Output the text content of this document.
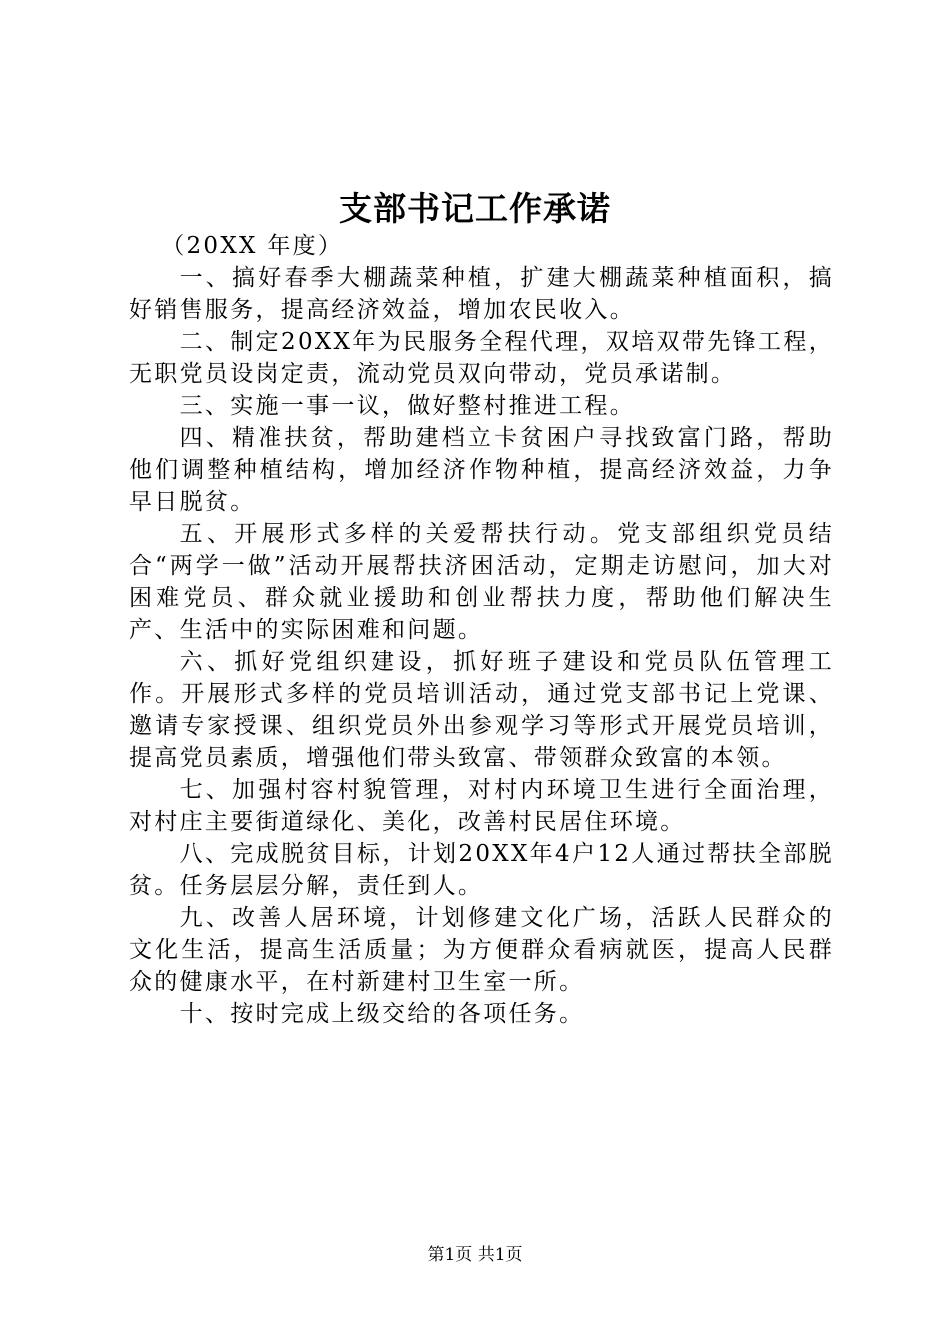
支部书记工作承诺

（20XX 年度）

一、搞好春季大棚蔬菜种植，扩建大棚蔬菜种植面积，搞好销售服务，提高经济效益，增加农民收入。

二、制定20XX年为民服务全程代理，双培双带先锋工程，无职党员设岗定责，流动党员双向带动，党员承诺制。

三、实施一事一议，做好整村推进工程。

四、精准扶贫，帮助建档立卡贫困户寻找致富门路，帮助他们调整种植结构，增加经济作物种植，提高经济效益，力争早日脱贫。

五、开展形式多样的关爱帮扶行动。党支部组织党员结合“两学一做”活动开展帮扶济困活动，定期走访慰问，加大对困难党员、群众就业援助和创业帮扶力度，帮助他们解决生产、生活中的实际困难和问题。

六、抓好党组织建设，抓好班子建设和党员队伍管理工作。开展形式多样的党员培训活动，通过党支部书记上党课、邀请专家授课、组织党员外出参观学习等形式开展党员培训，提高党员素质，增强他们带头致富、带领群众致富的本领。

七、加强村容村貌管理，对村内环境卫生进行全面治理，对村庄主要街道绿化、美化，改善村民居住环境。

八、完成脱贫目标，计划20XX年4户12人通过帮扶全部脱贫。任务层层分解，责任到人。

九、改善人居环境，计划修建文化广场，活跃人民群众的文化生活，提高生活质量；为方便群众看病就医，提高人民群众的健康水平，在村新建村卫生室一所。

十、按时完成上级交给的各项任务。

第1页 共1页
